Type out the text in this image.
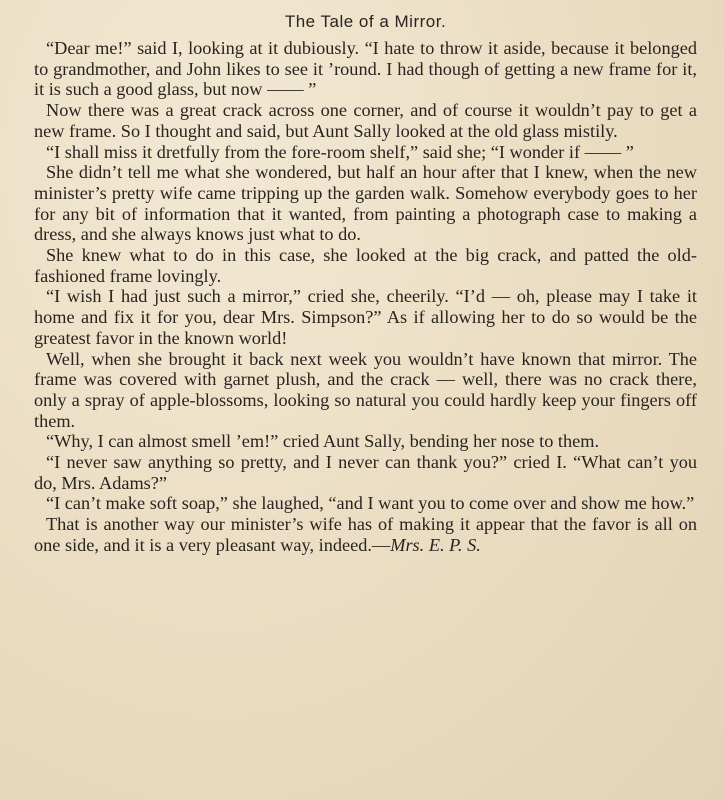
The Tale of a Mirror.

“Dear me!” said I, looking at it dubiously. “I hate to throw it aside, because it belonged to grandmother, and John likes to see it ’round. I had though of getting a new frame for it, it is such a good glass, but now —— ”

Now there was a great crack across one corner, and of course it wouldn’t pay to get a new frame. So I thought and said, but Aunt Sally looked at the old glass mistily.

“I shall miss it dretfully from the fore-room shelf,” said she; “I wonder if —— ”

She didn’t tell me what she wondered, but half an hour after that I knew, when the new minister’s pretty wife came tripping up the garden walk. Somehow everybody goes to her for any bit of information that it wanted, from painting a photograph case to making a dress, and she always knows just what to do.

She knew what to do in this case, she looked at the big crack, and patted the old-fashioned frame lovingly.

“I wish I had just such a mirror,” cried she, cheerily. “I’d — oh, please may I take it home and fix it for you, dear Mrs. Simpson?” As if allowing her to do so would be the greatest favor in the known world!

Well, when she brought it back next week you wouldn’t have known that mirror. The frame was covered with garnet plush, and the crack — well, there was no crack there, only a spray of apple-blossoms, looking so natural you could hardly keep your fingers off them.

“Why, I can almost smell ’em!” cried Aunt Sally, bending her nose to them.

“I never saw anything so pretty, and I never can thank you?” cried I. “What can’t you do, Mrs. Adams?”

“I can’t make soft soap,” she laughed, “and I want you to come over and show me how.”

That is another way our minister’s wife has of making it appear that the favor is all on one side, and it is a very pleasant way, indeed.—Mrs. E. P. S.
